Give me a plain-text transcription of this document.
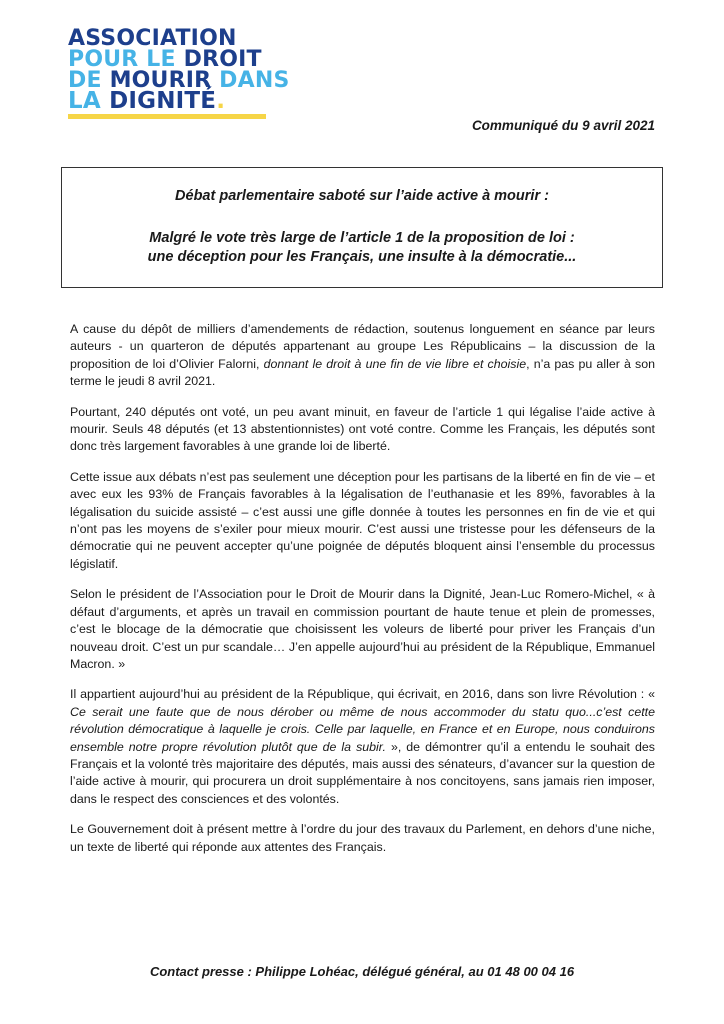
ASSOCIATION
POUR LE DROIT
DE MOURIR DANS
LA DIGNITÉ.
Communiqué du 9 avril 2021
Débat parlementaire saboté sur l’aide active à mourir :
Malgré le vote très large de l’article 1 de la proposition de loi :
une déception pour les Français, une insulte à la démocratie...

A cause du dépôt de milliers d’amendements de rédaction, soutenus longuement en séance par leurs auteurs - un quarteron de députés appartenant au groupe Les Républicains – la discussion de la proposition de loi d’Olivier Falorni, donnant le droit à une fin de vie libre et choisie, n’a pas pu aller à son terme le jeudi 8 avril 2021.

Pourtant, 240 députés ont voté, un peu avant minuit, en faveur de l’article 1 qui légalise l’aide active à mourir. Seuls 48 députés (et 13 abstentionnistes) ont voté contre. Comme les Français, les députés sont donc très largement favorables à une grande loi de liberté.

Cette issue aux débats n’est pas seulement une déception pour les partisans de la liberté en fin de vie – et avec eux les 93% de Français favorables à la légalisation de l’euthanasie et les 89%, favorables à la légalisation du suicide assisté – c’est aussi une gifle donnée à toutes les personnes en fin de vie et qui n’ont pas les moyens de s’exiler pour mieux mourir. C’est aussi une tristesse pour les défenseurs de la démocratie qui ne peuvent accepter qu’une poignée de députés bloquent ainsi l’ensemble du processus législatif.

Selon le président de l’Association pour le Droit de Mourir dans la Dignité, Jean-Luc Romero-Michel, « à défaut d’arguments, et après un travail en commission pourtant de haute tenue et plein de promesses, c’est le blocage de la démocratie que choisissent les voleurs de liberté pour priver les Français d’un nouveau droit. C’est un pur scandale… J’en appelle aujourd’hui au président de la République, Emmanuel Macron. »

Il appartient aujourd’hui au président de la République, qui écrivait, en 2016, dans son livre Révolution : « Ce serait une faute que de nous dérober ou même de nous accommoder du statu quo...c’est cette révolution démocratique à laquelle je crois. Celle par laquelle, en France et en Europe, nous conduirons ensemble notre propre révolution plutôt que de la subir. », de démontrer qu’il a entendu le souhait des Français et la volonté très majoritaire des députés, mais aussi des sénateurs, d’avancer sur la question de l’aide active à mourir, qui procurera un droit supplémentaire à nos concitoyens, sans jamais rien imposer, dans le respect des consciences et des volontés.

Le Gouvernement doit à présent mettre à l’ordre du jour des travaux du Parlement, en dehors d’une niche, un texte de liberté qui réponde aux attentes des Français.

Contact presse : Philippe Lohéac, délégué général, au 01 48 00 04 16
